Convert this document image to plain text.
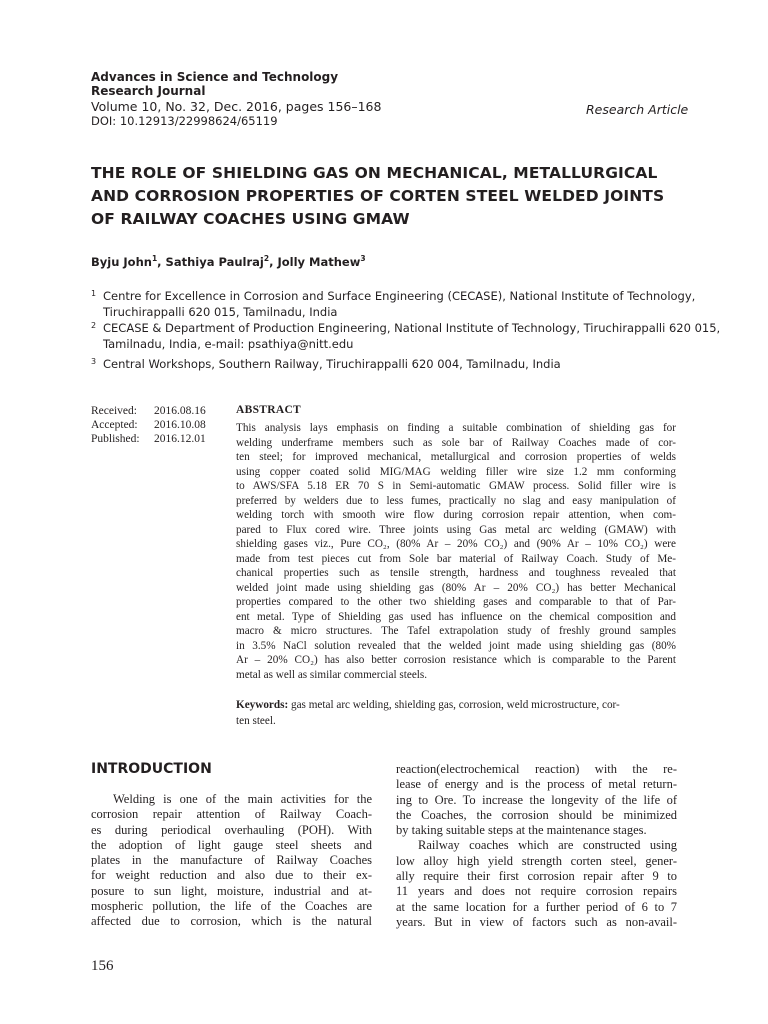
Advances in Science and Technology
Research Journal
Volume 10, No. 32, Dec. 2016, pages 156–168
DOI: 10.12913/22998624/65119
Research Article
THE ROLE OF SHIELDING GAS ON MECHANICAL, METALLURGICAL
AND CORROSION PROPERTIES OF CORTEN STEEL WELDED JOINTS
OF RAILWAY COACHES USING GMAW
Byju John$^1$, Sathiya Paulraj$^2$, Jolly Mathew$^3$
1 Centre for Excellence in Corrosion and Surface Engineering (CECASE), National Institute of Technology,
Tiruchirappalli 620 015, Tamilnadu, India
2 CECASE & Department of Production Engineering, National Institute of Technology, Tiruchirappalli 620 015,
Tamilnadu, India, e-mail: psathiya@nitt.edu
3 Central Workshops, Southern Railway, Tiruchirappalli 620 004, Tamilnadu, India
Received: 2016.08.16
Accepted: 2016.10.08
Published: 2016.12.01
ABSTRACT
This analysis lays emphasis on finding a suitable combination of shielding gas for
welding underframe members such as sole bar of Railway Coaches made of cor-
ten steel; for improved mechanical, metallurgical and corrosion properties of welds
using copper coated solid MIG/MAG welding filler wire size 1.2 mm conforming
to AWS/SFA 5.18 ER 70 S in Semi-automatic GMAW process. Solid filler wire is
preferred by welders due to less fumes, practically no slag and easy manipulation of
welding torch with smooth wire flow during corrosion repair attention, when com-
pared to Flux cored wire. Three joints using Gas metal arc welding (GMAW) with
shielding gases viz., Pure CO₂, (80% Ar – 20% CO₂) and (90% Ar – 10% CO₂) were
made from test pieces cut from Sole bar material of Railway Coach. Study of Me-
chanical properties such as tensile strength, hardness and toughness revealed that
welded joint made using shielding gas (80% Ar – 20% CO₂) has better Mechanical
properties compared to the other two shielding gases and comparable to that of Par-
ent metal. Type of Shielding gas used has influence on the chemical composition and
macro & micro structures. The Tafel extrapolation study of freshly ground samples
in 3.5% NaCl solution revealed that the welded joint made using shielding gas (80%
Ar – 20% CO₂) has also better corrosion resistance which is comparable to the Parent
metal as well as similar commercial steels.
Keywords: gas metal arc welding, shielding gas, corrosion, weld microstructure, cor-
ten steel.
INTRODUCTION
Welding is one of the main activities for the
corrosion repair attention of Railway Coach-
es during periodical overhauling (POH). With
the adoption of light gauge steel sheets and
plates in the manufacture of Railway Coaches
for weight reduction and also due to their ex-
posure to sun light, moisture, industrial and at-
mospheric pollution, the life of the Coaches are
affected due to corrosion, which is the natural
reaction(electrochemical reaction) with the re-
lease of energy and is the process of metal return-
ing to Ore. To increase the longevity of the life of
the Coaches, the corrosion should be minimized
by taking suitable steps at the maintenance stages.
Railway coaches which are constructed using
low alloy high yield strength corten steel, gener-
ally require their first corrosion repair after 9 to
11 years and does not require corrosion repairs
at the same location for a further period of 6 to 7
years. But in view of factors such as non-avail-
156
